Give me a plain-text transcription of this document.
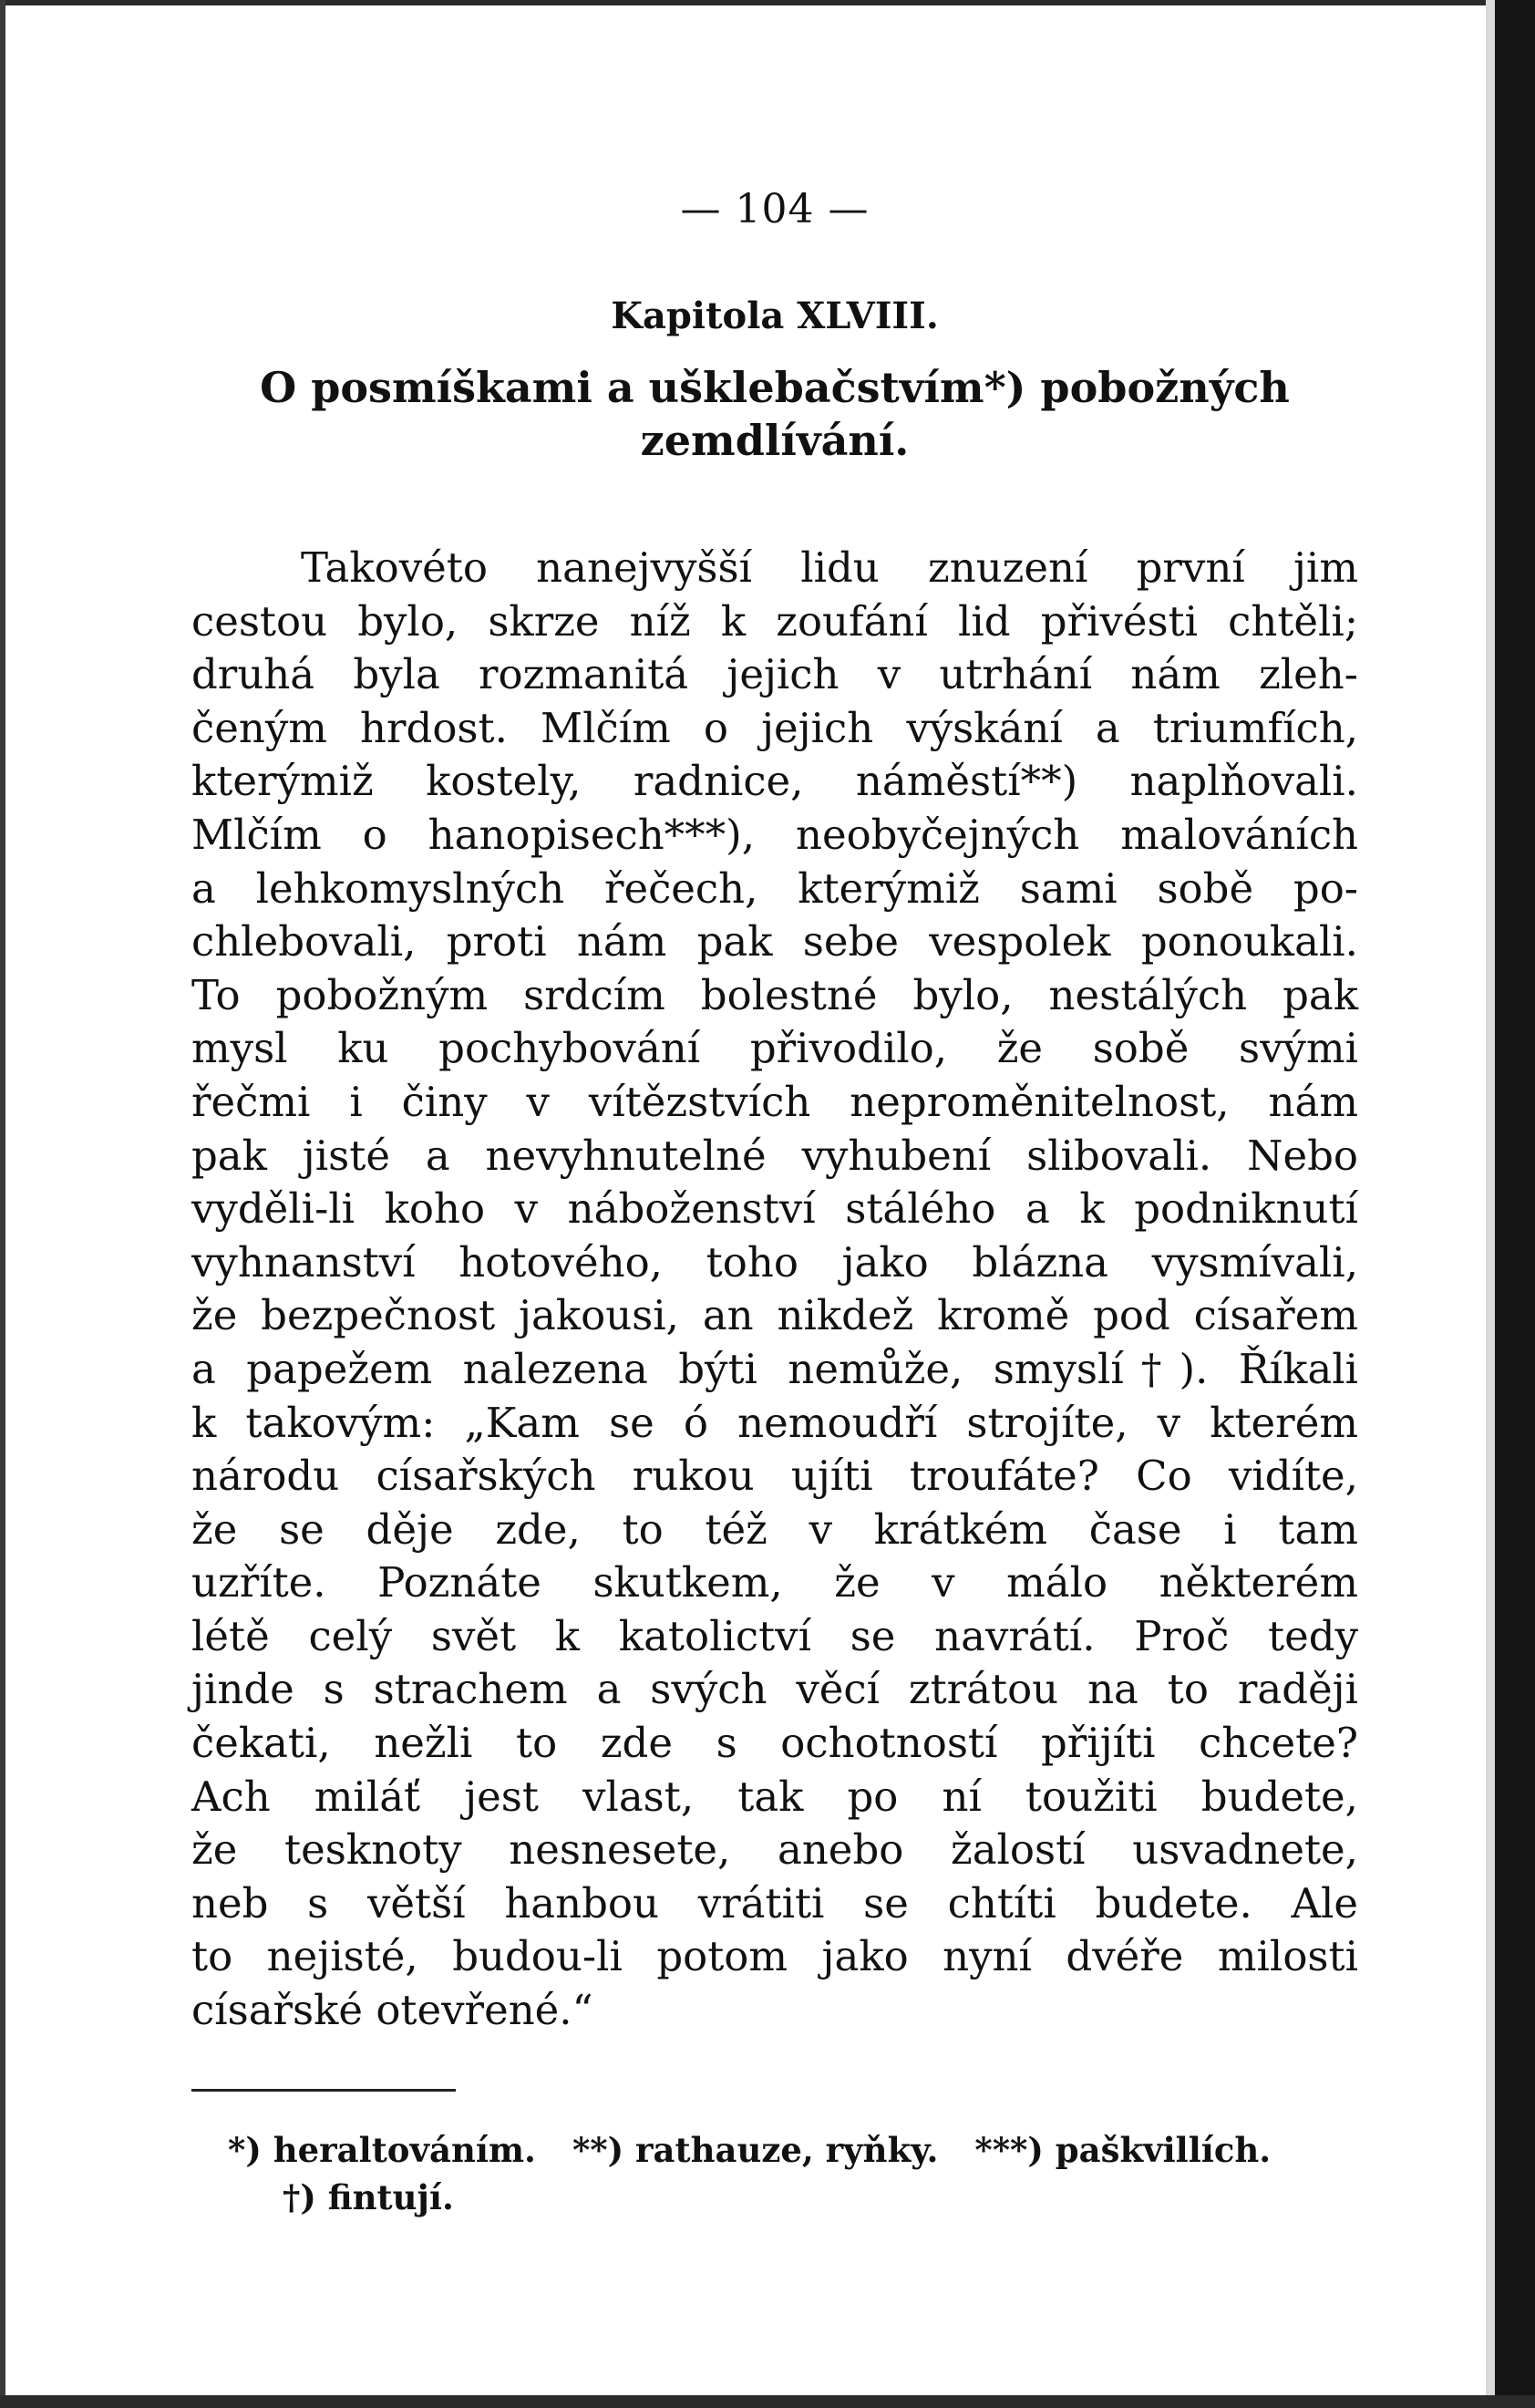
— 104 —
Kapitola XLVIII.
O posmíškami a ušklebačstvím*) pobožných
zemdlívání.
Takovéto nanejvyšší lidu znuzení první jim
cestou bylo, skrze níž k zoufání lid přivésti chtěli;
druhá byla rozmanitá jejich v utrhání nám zleh-
čeným hrdost. Mlčím o jejich výskání a triumfích,
kterýmiž kostely, radnice, náměstí**) naplňovali.
Mlčím o hanopisech***), neobyčejných malováních
a lehkomyslných řečech, kterýmiž sami sobě po-
chlebovali, proti nám pak sebe vespolek ponoukali.
To pobožným srdcím bolestné bylo, nestálých pak
mysl ku pochybování přivodilo, že sobě svými
řečmi i činy v vítězstvích neproměnitelnost, nám
pak jisté a nevyhnutelné vyhubení slibovali. Nebo
vyděli-li koho v náboženství stálého a k podniknutí
vyhnanství hotového, toho jako blázna vysmívali,
že bezpečnost jakousi, an nikdež kromě pod císařem
a papežem nalezena býti nemůže, smyslí†). Říkali
k takovým: „Kam se ó nemoudří strojíte, v kterém
národu císařských rukou ujíti troufáte? Co vidíte,
že se děje zde, to též v krátkém čase i tam
uzříte. Poznáte skutkem, že v málo některém
létě celý svět k katolictví se navrátí. Proč tedy
jinde s strachem a svých věcí ztrátou na to raději
čekati, nežli to zde s ochotností přijíti chcete?
Ach miláť jest vlast, tak po ní toužiti budete,
že tesknoty nesnesete, anebo žalostí usvadnete,
neb s větší hanbou vrátiti se chtíti budete. Ale
to nejisté, budou-li potom jako nyní dvéře milosti
císařské otevřené.“
*) heraltováním. **) rathauze, ryňky. ***) paškvillích.
†) fintují.
